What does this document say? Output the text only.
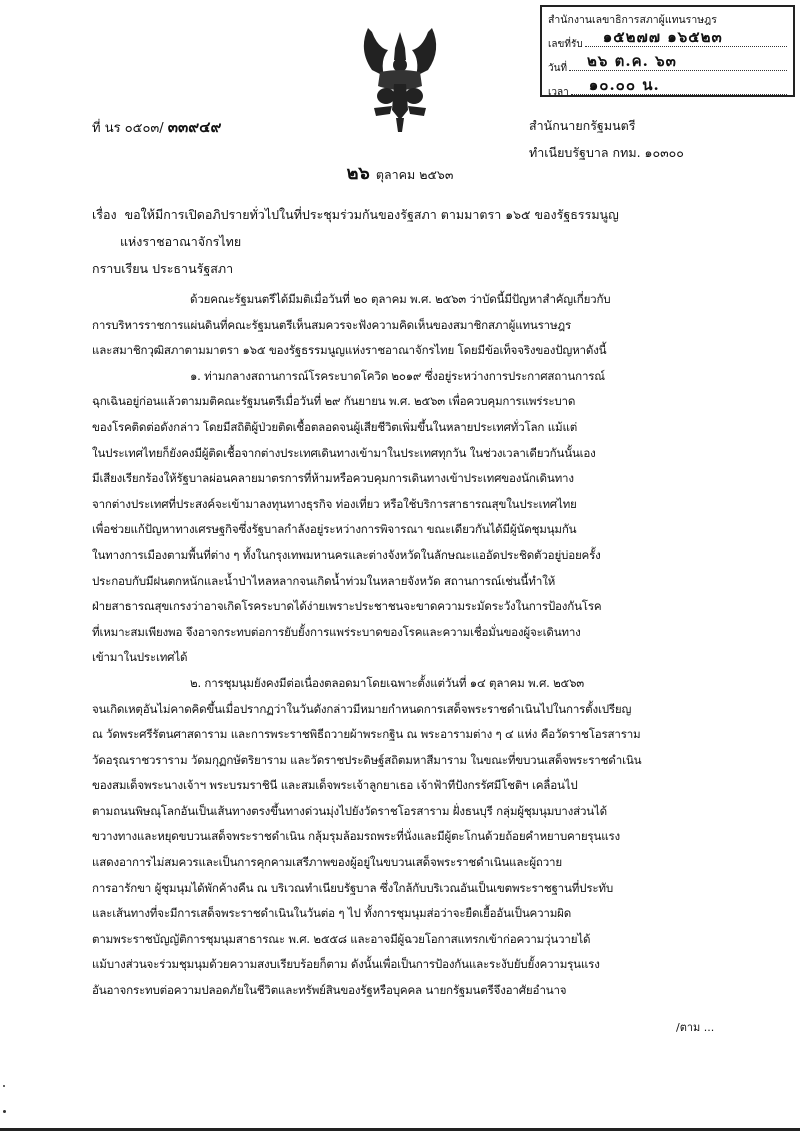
สำนักงานเลขาธิการสภาผู้แทนราษฎร
เลขที่รับ ๑๕๒๗๗ ๑๖๕๒๓
วันที่ ๒๖ ต.ค. ๖๓
เวลา ๑๐.๐๐ น.
ที่ นร ๐๕๐๓/ ๓๓๙๔๙	สำนักนายกรัฐมนตรี
ทำเนียบรัฐบาล กทม. ๑๐๓๐๐
๒๖ ตุลาคม ๒๕๖๓
เรื่อง ขอให้มีการเปิดอภิปรายทั่วไปในที่ประชุมร่วมกันของรัฐสภา ตามมาตรา ๑๖๕ ของรัฐธรรมนูญ
แห่งราชอาณาจักรไทย
กราบเรียน ประธานรัฐสภา
ด้วยคณะรัฐมนตรีได้มีมติเมื่อวันที่ ๒๐ ตุลาคม พ.ศ. ๒๕๖๓ ว่าบัดนี้มีปัญหาสำคัญเกี่ยวกับ
การบริหารราชการแผ่นดินที่คณะรัฐมนตรีเห็นสมควรจะฟังความคิดเห็นของสมาชิกสภาผู้แทนราษฎร
และสมาชิกวุฒิสภาตามมาตรา ๑๖๕ ของรัฐธรรมนูญแห่งราชอาณาจักรไทย โดยมีข้อเท็จจริงของปัญหาดังนี้
๑. ท่ามกลางสถานการณ์โรคระบาดโควิด ๒๐๑๙ ซึ่งอยู่ระหว่างการประกาศสถานการณ์
ฉุกเฉินอยู่ก่อนแล้วตามมติคณะรัฐมนตรีเมื่อวันที่ ๒๙ กันยายน พ.ศ. ๒๕๖๓ เพื่อควบคุมการแพร่ระบาด
ของโรคติดต่อดังกล่าว โดยมีสถิติผู้ป่วยติดเชื้อตลอดจนผู้เสียชีวิตเพิ่มขึ้นในหลายประเทศทั่วโลก แม้แต่
ในประเทศไทยก็ยังคงมีผู้ติดเชื้อจากต่างประเทศเดินทางเข้ามาในประเทศทุกวัน ในช่วงเวลาเดียวกันนั้นเอง
มีเสียงเรียกร้องให้รัฐบาลผ่อนคลายมาตรการที่ห้ามหรือควบคุมการเดินทางเข้าประเทศของนักเดินทาง
จากต่างประเทศที่ประสงค์จะเข้ามาลงทุนทางธุรกิจ ท่องเที่ยว หรือใช้บริการสาธารณสุขในประเทศไทย
เพื่อช่วยแก้ปัญหาทางเศรษฐกิจซึ่งรัฐบาลกำลังอยู่ระหว่างการพิจารณา ขณะเดียวกันได้มีผู้นัดชุมนุมกัน
ในทางการเมืองตามพื้นที่ต่าง ๆ ทั้งในกรุงเทพมหานครและต่างจังหวัดในลักษณะแออัดประชิดตัวอยู่บ่อยครั้ง
ประกอบกับมีฝนตกหนักและน้ำป่าไหลหลากจนเกิดน้ำท่วมในหลายจังหวัด สถานการณ์เช่นนี้ทำให้
ฝ่ายสาธารณสุขเกรงว่าอาจเกิดโรคระบาดได้ง่ายเพราะประชาชนจะขาดความระมัดระวังในการป้องกันโรค
ที่เหมาะสมเพียงพอ จึงอาจกระทบต่อการยับยั้งการแพร่ระบาดของโรคและความเชื่อมั่นของผู้จะเดินทาง
เข้ามาในประเทศได้
๒. การชุมนุมยังคงมีต่อเนื่องตลอดมาโดยเฉพาะตั้งแต่วันที่ ๑๔ ตุลาคม พ.ศ. ๒๕๖๓
จนเกิดเหตุอันไม่คาดคิดขึ้นเมื่อปรากฏว่าในวันดังกล่าวมีหมายกำหนดการเสด็จพระราชดำเนินไปในการตั้งเปรียญ
ณ วัดพระศรีรัตนศาสดาราม และการพระราชพิธีถวายผ้าพระกฐิน ณ พระอารามต่าง ๆ ๔ แห่ง คือวัดราชโอรสาราม
วัดอรุณราชวราราม วัดมกุฏกษัตริยาราม และวัดราชประดิษฐ์สถิตมหาสีมาราม ในขณะที่ขบวนเสด็จพระราชดำเนิน
ของสมเด็จพระนางเจ้าฯ พระบรมราชินี และสมเด็จพระเจ้าลูกยาเธอ เจ้าฟ้าทีปังกรรัศมีโชติฯ เคลื่อนไป
ตามถนนพิษณุโลกอันเป็นเส้นทางตรงขึ้นทางด่วนมุ่งไปยังวัดราชโอรสาราม ฝั่งธนบุรี กลุ่มผู้ชุมนุมบางส่วนได้
ขวางทางและหยุดขบวนเสด็จพระราชดำเนิน กลุ้มรุมล้อมรถพระที่นั่งและมีผู้ตะโกนด้วยถ้อยคำหยาบคายรุนแรง
แสดงอาการไม่สมควรและเป็นการคุกคามเสรีภาพของผู้อยู่ในขบวนเสด็จพระราชดำเนินและผู้ถวาย
การอารักขา ผู้ชุมนุมได้พักค้างคืน ณ บริเวณทำเนียบรัฐบาล ซึ่งใกล้กับบริเวณอันเป็นเขตพระราชฐานที่ประทับ
และเส้นทางที่จะมีการเสด็จพระราชดำเนินในวันต่อ ๆ ไป ทั้งการชุมนุมส่อว่าจะยืดเยื้ออันเป็นความผิด
ตามพระราชบัญญัติการชุมนุมสาธารณะ พ.ศ. ๒๕๕๘ และอาจมีผู้ฉวยโอกาสแทรกเข้าก่อความวุ่นวายได้
แม้บางส่วนจะร่วมชุมนุมด้วยความสงบเรียบร้อยก็ตาม ดังนั้นเพื่อเป็นการป้องกันและระงับยับยั้งความรุนแรง
อันอาจกระทบต่อความปลอดภัยในชีวิตและทรัพย์สินของรัฐหรือบุคคล นายกรัฐมนตรีจึงอาศัยอำนาจ
/ตาม ...
